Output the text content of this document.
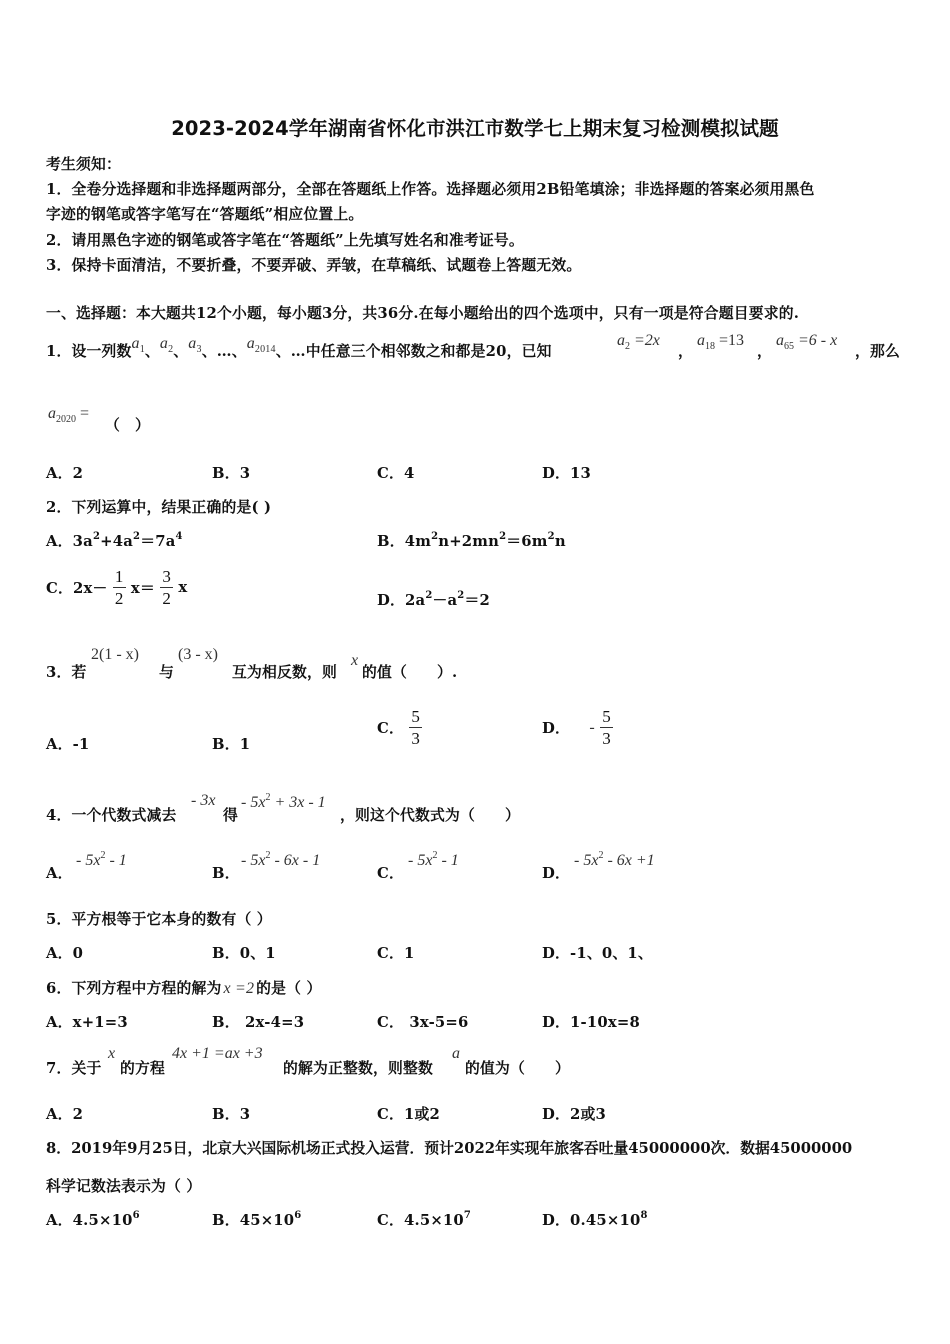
2023-2024学年湖南省怀化市洪江市数学七上期末复习检测模拟试题
考生须知：
1．全卷分选择题和非选择题两部分，全部在答题纸上作答。选择题必须用2B铅笔填涂；非选择题的答案必须用黑色
字迹的钢笔或答字笔写在“答题纸”相应位置上。
2．请用黑色字迹的钢笔或答字笔在“答题纸”上先填写姓名和准考证号。
3．保持卡面清洁，不要折叠，不要弄破、弄皱，在草稿纸、试题卷上答题无效。
一、选择题：本大题共12个小题，每小题3分，共36分.在每小题给出的四个选项中，只有一项是符合题目要求的.
1．设一列数$a_1$、$a_2$、$a_3$、…、$a_{2014}$、…中任意三个相邻数之和都是20，已知
$a_2 =2x$
，
$a_{18} =13$
，
$a_{65} =6 - x$
，那么
$a_{2020}$ =
（　）
A．2	B．3	C．4	D．13
2．下列运算中，结果正确的是( )
A．$3a^2+4a^2=7a^4$	B．$4m^2n+2mn^2=6m^2n$
C．$2x- \frac{1}{2} x= \frac{3}{2}$ x
D．$2a^2-a^2=2$
3．若
2(1 - x)
与
(3 - x)
互为相反数，则
x
的值（　　）.
A．-1	B．1
C． $\frac{5}{3}$	D． - $\frac{5}{3}$
4．一个代数式减去
- 3x
得
- $5x^2 + 3x - 1$
，则这个代数式为（　　）
A．
- $5x^2 - 1$
B．
- $5x^2 - 6x - 1$
C．
- $5x^2 - 1$
D．
- $5x^2 - 6x +1$
5．平方根等于它本身的数有（ ）
A．0	B．0、1	C．1	D．-1、0、1、
6．下列方程中方程的解为 x =2 的是（ ）
A．x+1=3	B． 2x-4=3	C． 3x-5=6	D．1-10x=8
7．关于
x
的方程
4x +1 =ax +3
的解为正整数，则整数
a
的值为（　　）
A．2	B．3	C．1或2	D．2或3
8．2019年9月25日，北京大兴国际机场正式投入运营．预计2022年实现年旅客吞吐量45000000次．数据45000000
科学记数法表示为（ ）
A．$4.5\times 10^6$	B．$45\times 10^6$	C．$4.5\times 10^7$	D．$0.45\times 10^8$
